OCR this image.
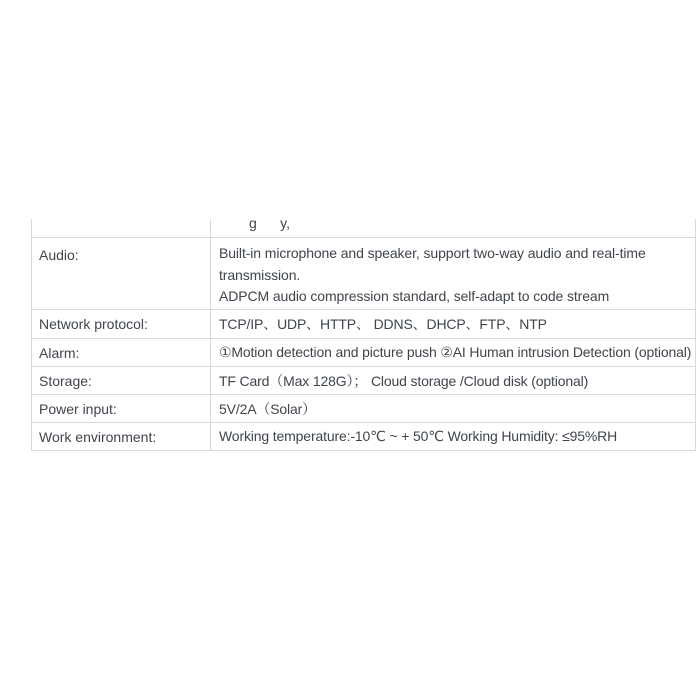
g      y,
Audio:	Built-in microphone and speaker, support two-way audio and real-time
transmission.
ADPCM audio compression standard, self-adapt to code stream
Network protocol:	TCP/IP、UDP、HTTP、 DDNS、DHCP、FTP、NTP
Alarm:	①Motion detection and picture push ②AI Human intrusion Detection (optional)
Storage:	TF Card（Max 128G）； Cloud storage /Cloud disk (optional)
Power input:	5V/2A（Solar）
Work environment:	Working temperature:-10℃ ~ + 50℃ Working Humidity: ≤95%RH
